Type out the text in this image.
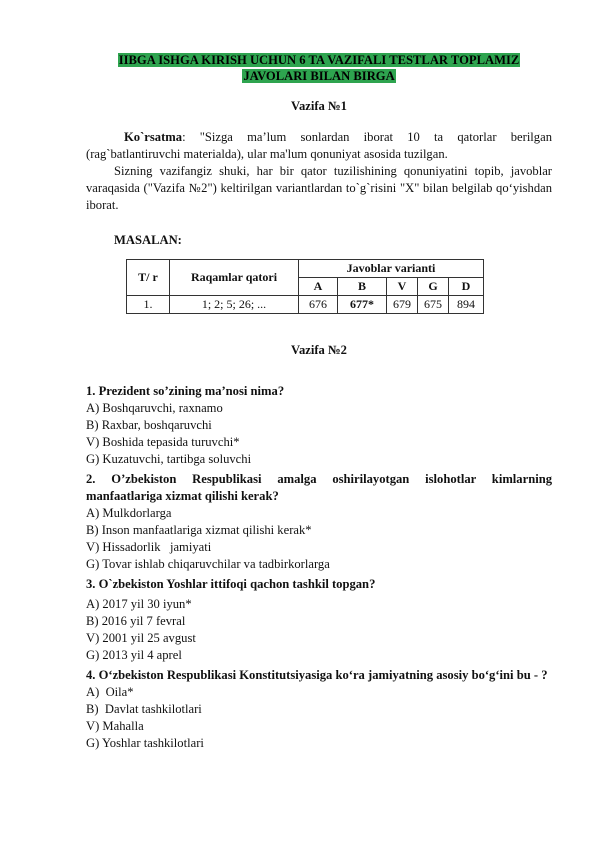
IIBGA ISHGA KIRISH UCHUN 6 TA VAZIFALI TESTLAR TOPLAMIZ
JAVOLARI BILAN BIRGA

Vazifa №1

Ko`rsatma: "Sizga ma’lum sonlardan iborat 10 ta qatorlar berilgan (rag`batlantiruvchi materialda), ular ma'lum qonuniyat asosida tuzilgan.

Sizning vazifangiz shuki, har bir qator tuzilishining qonuniyatini topib, javoblar varaqasida ("Vazifa №2") keltirilgan variantlardan to`g`risini "X" bilan belgilab qo‘yishdan iborat.

MASALAN:

T/ r	Raqamlar qatori	Javoblar varianti				
		A	B	V	G	D
1.	1; 2; 5; 26; ...	676	677*	679	675	894

Vazifa №2

1. Prezident so’zining ma’nosi nima?

A) Boshqaruvchi, raxnamo

B) Raxbar, boshqaruvchi

V) Boshida tepasida turuvchi*

G) Kuzatuvchi, tartibga soluvchi

2. O’zbekiston Respublikasi amalga oshirilayotgan islohotlar kimlarning manfaatlariga xizmat qilishi kerak?

A) Mulkdorlarga

B) Inson manfaatlariga xizmat qilishi kerak*

V) Hissadorlik   jamiyati

G) Tovar ishlab chiqaruvchilar va tadbirkorlarga

3. O`zbekiston Yoshlar ittifoqi qachon tashkil topgan?

A) 2017 yil 30 iyun*

B) 2016 yil 7 fevral

V) 2001 yil 25 avgust

G) 2013 yil 4 aprel

4. O‘zbekiston Respublikasi Konstitutsiyasiga ko‘ra jamiyatning asosiy bo‘g‘ini bu - ?

A)  Oila*

B)  Davlat tashkilotlari

V) Mahalla

G) Yoshlar tashkilotlari
